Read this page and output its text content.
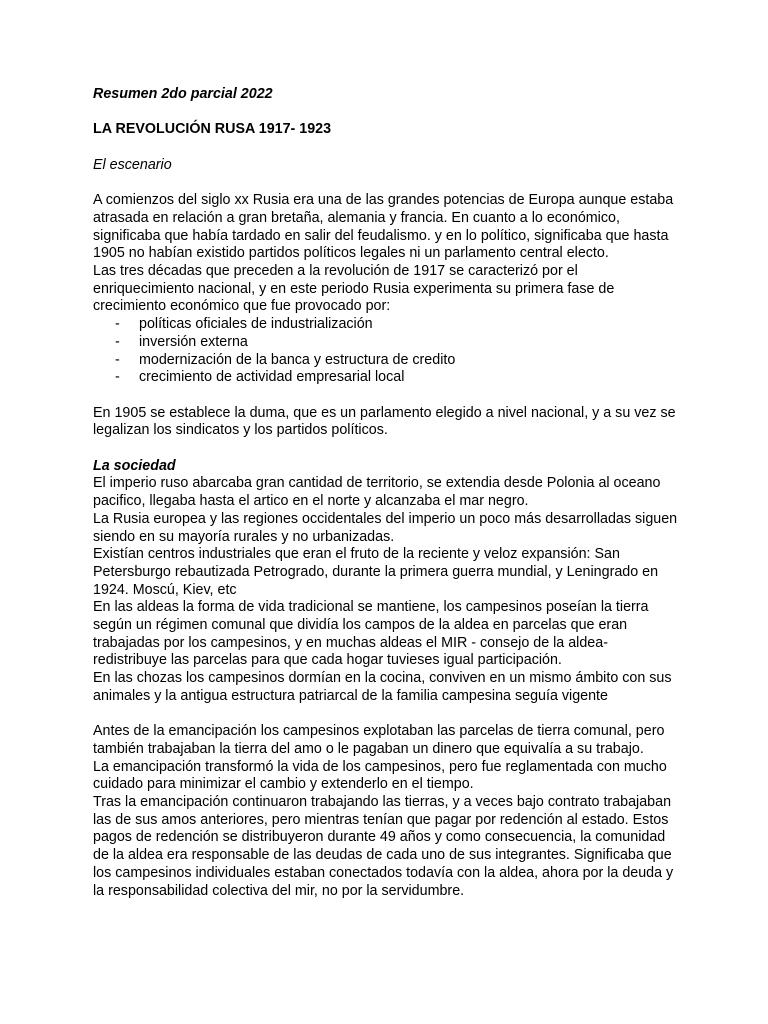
Resumen 2do parcial 2022

LA REVOLUCIÓN RUSA 1917- 1923

El escenario

A comienzos del siglo xx Rusia era una de las grandes potencias de Europa aunque estaba
atrasada en relación a gran bretaña, alemania y francia. En cuanto a lo económico,
significaba que había tardado en salir del feudalismo. y en lo político, significaba que hasta
1905 no habían existido partidos políticos legales ni un parlamento central electo.
Las tres décadas que preceden a la revolución de 1917 se caracterizó por el
enriquecimiento nacional, y en este periodo Rusia experimenta su primera fase de
crecimiento económico que fue provocado por:
- políticas oficiales de industrialización
- inversión externa
- modernización de la banca y estructura de credito
- crecimiento de actividad empresarial local
En 1905 se establece la duma, que es un parlamento elegido a nivel nacional, y a su vez se
legalizan los sindicatos y los partidos políticos.

La sociedad

El imperio ruso abarcaba gran cantidad de territorio, se extendia desde Polonia al oceano
pacifico, llegaba hasta el artico en el norte y alcanzaba el mar negro.
La Rusia europea y las regiones occidentales del imperio un poco más desarrolladas siguen
siendo en su mayoría rurales y no urbanizadas.
Existían centros industriales que eran el fruto de la reciente y veloz expansión: San
Petersburgo rebautizada Petrogrado, durante la primera guerra mundial, y Leningrado en
1924. Moscú, Kiev, etc
En las aldeas la forma de vida tradicional se mantiene, los campesinos poseían la tierra
según un régimen comunal que dividía los campos de la aldea en parcelas que eran
trabajadas por los campesinos, y en muchas aldeas el MIR - consejo de la aldea-
redistribuye las parcelas para que cada hogar tuvieses igual participación.
En las chozas los campesinos dormían en la cocina, conviven en un mismo ámbito con sus
animales y la antigua estructura patriarcal de la familia campesina seguía vigente
Antes de la emancipación los campesinos explotaban las parcelas de tierra comunal, pero
también trabajaban la tierra del amo o le pagaban un dinero que equivalía a su trabajo.
La emancipación transformó la vida de los campesinos, pero fue reglamentada con mucho
cuidado para minimizar el cambio y extenderlo en el tiempo.
Tras la emancipación continuaron trabajando las tierras, y a veces bajo contrato trabajaban
las de sus amos anteriores, pero mientras tenían que pagar por redención al estado. Estos
pagos de redención se distribuyeron durante 49 años y como consecuencia, la comunidad
de la aldea era responsable de las deudas de cada uno de sus integrantes. Significaba que
los campesinos individuales estaban conectados todavía con la aldea, ahora por la deuda y
la responsabilidad colectiva del mir, no por la servidumbre.
